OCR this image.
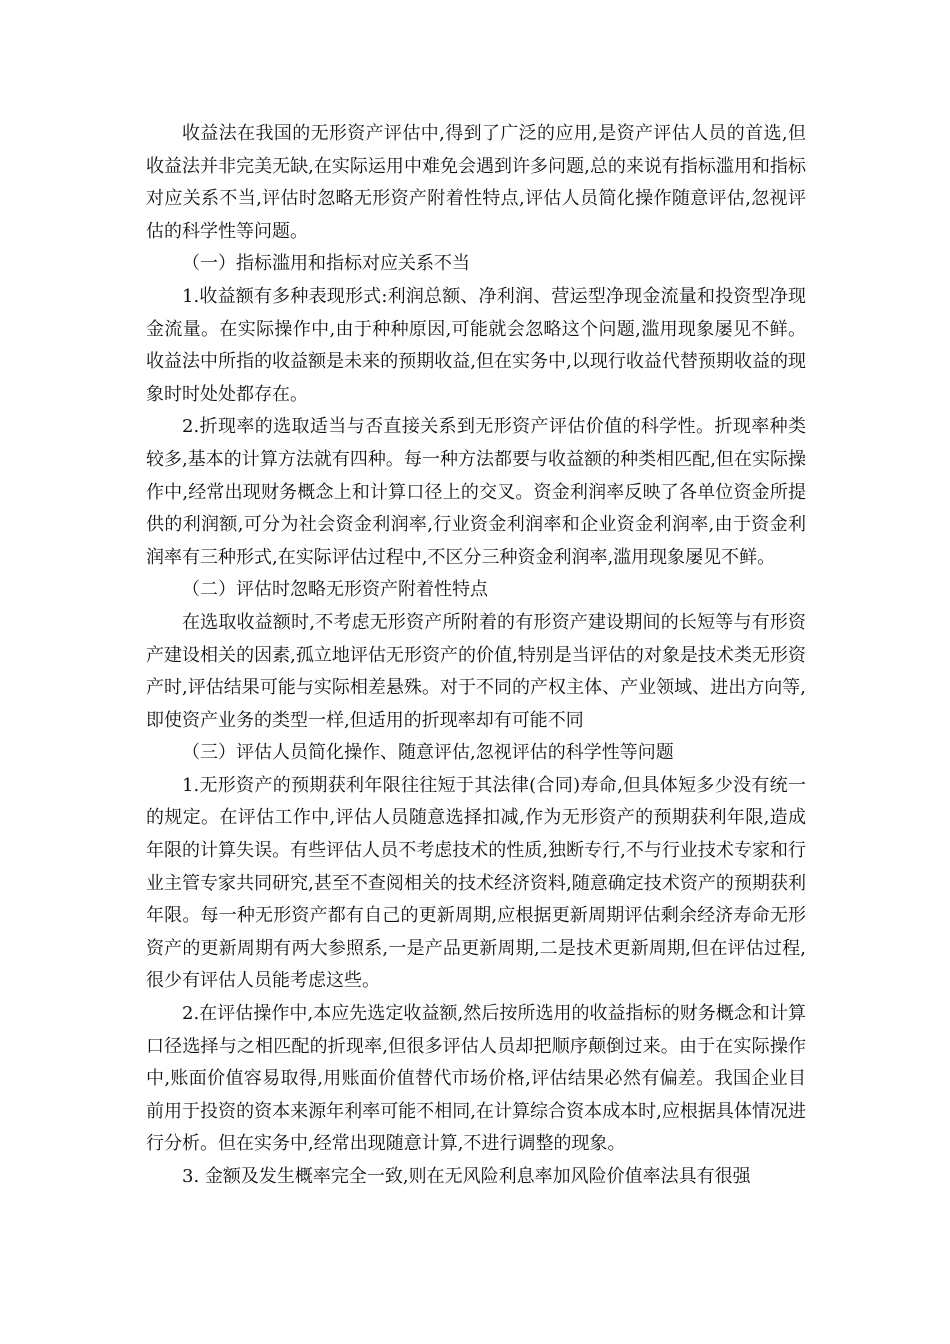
收益法在我国的无形资产评估中,得到了广泛的应用,是资产评估人员的首选,但收益法并非完美无缺,在实际运用中难免会遇到许多问题,总的来说有指标滥用和指标对应关系不当,评估时忽略无形资产附着性特点,评估人员简化操作随意评估,忽视评估的科学性等问题。

（一）指标滥用和指标对应关系不当

1.收益额有多种表现形式:利润总额、净利润、营运型净现金流量和投资型净现金流量。在实际操作中,由于种种原因,可能就会忽略这个问题,滥用现象屡见不鲜。收益法中所指的收益额是未来的预期收益,但在实务中,以现行收益代替预期收益的现象时时处处都存在。

2.折现率的选取适当与否直接关系到无形资产评估价值的科学性。折现率种类较多,基本的计算方法就有四种。每一种方法都要与收益额的种类相匹配,但在实际操作中,经常出现财务概念上和计算口径上的交叉。资金利润率反映了各单位资金所提供的利润额,可分为社会资金利润率,行业资金利润率和企业资金利润率,由于资金利润率有三种形式,在实际评估过程中,不区分三种资金利润率,滥用现象屡见不鲜。

（二）评估时忽略无形资产附着性特点

在选取收益额时,不考虑无形资产所附着的有形资产建设期间的长短等与有形资产建设相关的因素,孤立地评估无形资产的价值,特别是当评估的对象是技术类无形资产时,评估结果可能与实际相差悬殊。对于不同的产权主体、产业领域、进出方向等,即使资产业务的类型一样,但适用的折现率却有可能不同

（三）评估人员简化操作、随意评估,忽视评估的科学性等问题

1.无形资产的预期获利年限往往短于其法律(合同)寿命,但具体短多少没有统一的规定。在评估工作中,评估人员随意选择扣减,作为无形资产的预期获利年限,造成年限的计算失误。有些评估人员不考虑技术的性质,独断专行,不与行业技术专家和行业主管专家共同研究,甚至不查阅相关的技术经济资料,随意确定技术资产的预期获利年限。每一种无形资产都有自己的更新周期,应根据更新周期评估剩余经济寿命无形资产的更新周期有两大参照系,一是产品更新周期,二是技术更新周期,但在评估过程,很少有评估人员能考虑这些。

2.在评估操作中,本应先选定收益额,然后按所选用的收益指标的财务概念和计算口径选择与之相匹配的折现率,但很多评估人员却把顺序颠倒过来。由于在实际操作中,账面价值容易取得,用账面价值替代市场价格,评估结果必然有偏差。我国企业目前用于投资的资本来源年利率可能不相同,在计算综合资本成本时,应根据具体情况进行分析。但在实务中,经常出现随意计算,不进行调整的现象。

3. 金额及发生概率完全一致,则在无风险利息率加风险价值率法具有很强
